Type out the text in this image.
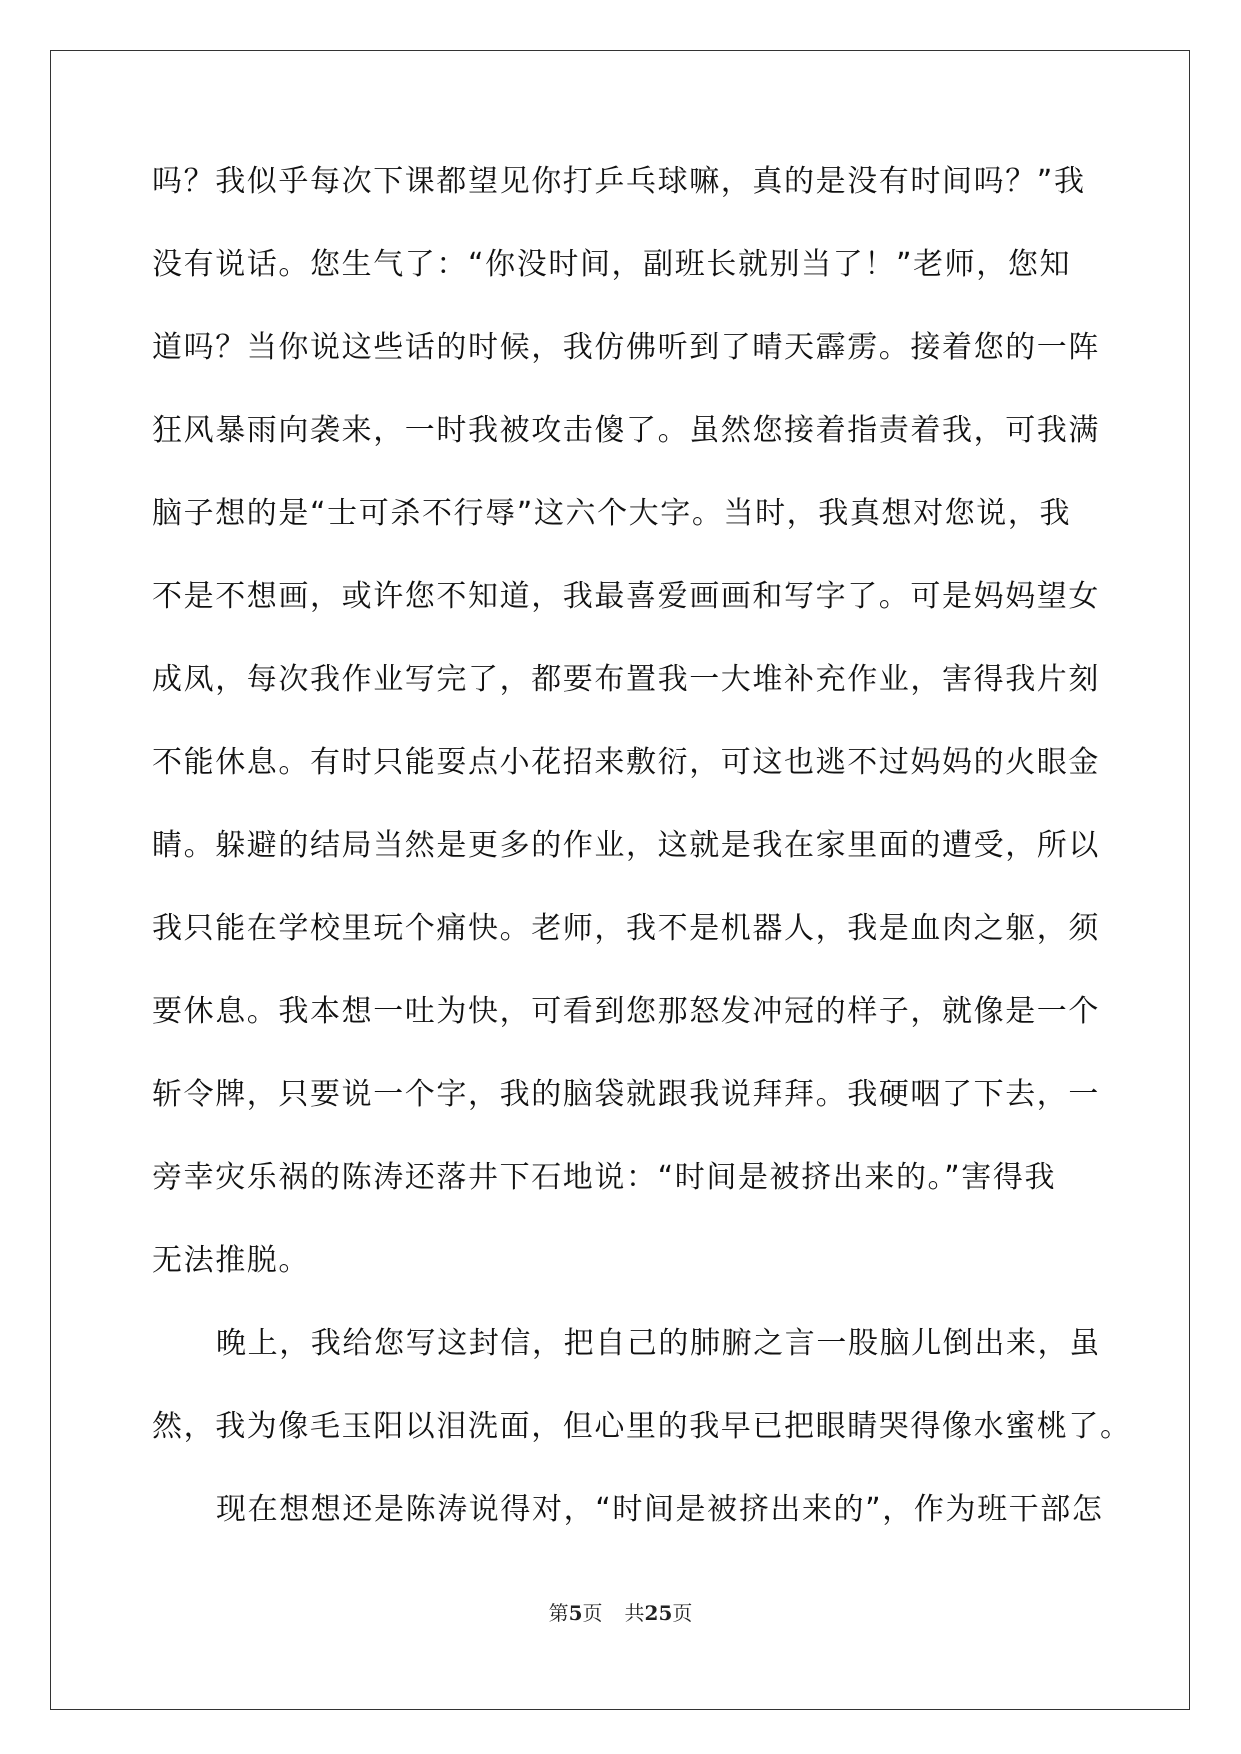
吗？我似乎每次下课都望见你打乒乓球嘛，真的是没有时间吗？”我
没有说话。您生气了：“你没时间，副班长就别当了！”老师，您知
道吗？当你说这些话的时候，我仿佛听到了晴天霹雳。接着您的一阵
狂风暴雨向袭来，一时我被攻击傻了。虽然您接着指责着我，可我满
脑子想的是“士可杀不行辱”这六个大字。当时，我真想对您说，我
不是不想画，或许您不知道，我最喜爱画画和写字了。可是妈妈望女
成凤，每次我作业写完了，都要布置我一大堆补充作业，害得我片刻
不能休息。有时只能耍点小花招来敷衍，可这也逃不过妈妈的火眼金
睛。躲避的结局当然是更多的作业，这就是我在家里面的遭受，所以
我只能在学校里玩个痛快。老师，我不是机器人，我是血肉之躯，须
要休息。我本想一吐为快，可看到您那怒发冲冠的样子，就像是一个
斩令牌，只要说一个字，我的脑袋就跟我说拜拜。我硬咽了下去，一
旁幸灾乐祸的陈涛还落井下石地说：“时间是被挤出来的。”害得我
无法推脱。
晚上，我给您写这封信，把自己的肺腑之言一股脑儿倒出来，虽
然，我为像毛玉阳以泪洗面，但心里的我早已把眼睛哭得像水蜜桃了。
现在想想还是陈涛说得对，“时间是被挤出来的”，作为班干部怎
第5页 共25页
